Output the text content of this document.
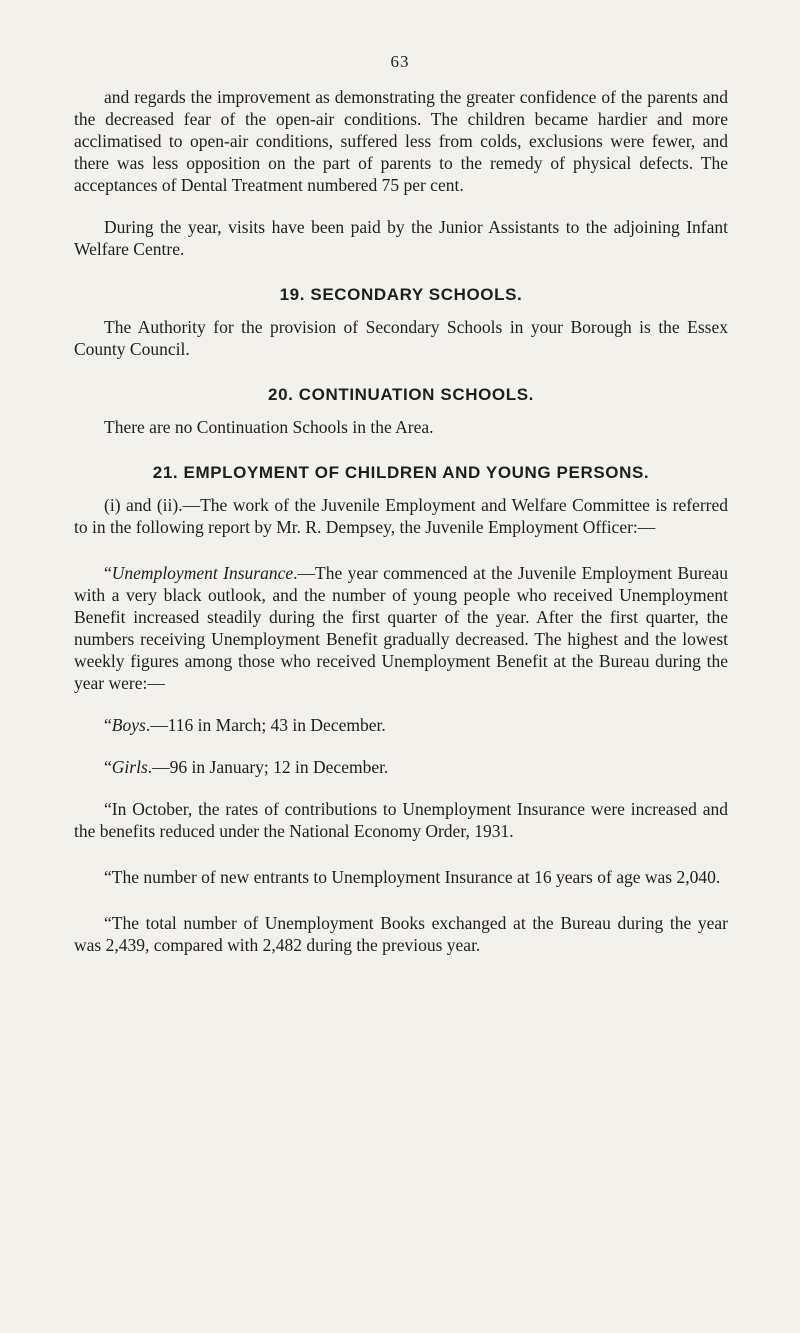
63

and regards the improvement as demonstrating the greater confidence of the parents and the decreased fear of the open-air conditions. The children became hardier and more acclimatised to open-air conditions, suffered less from colds, exclusions were fewer, and there was less opposition on the part of parents to the remedy of physical defects. The acceptances of Dental Treatment numbered 75 per cent.

During the year, visits have been paid by the Junior Assistants to the adjoining Infant Welfare Centre.

19. SECONDARY SCHOOLS.

The Authority for the provision of Secondary Schools in your Borough is the Essex County Council.

20. CONTINUATION SCHOOLS.

There are no Continuation Schools in the Area.

21. EMPLOYMENT OF CHILDREN AND YOUNG PERSONS.

(i) and (ii).—The work of the Juvenile Employment and Welfare Committee is referred to in the following report by Mr. R. Dempsey, the Juvenile Employment Officer:—

“Unemployment Insurance.—The year commenced at the Juvenile Employment Bureau with a very black outlook, and the number of young people who received Unemployment Benefit increased steadily during the first quarter of the year. After the first quarter, the numbers receiving Unemployment Benefit gradually decreased. The highest and the lowest weekly figures among those who received Unemployment Benefit at the Bureau during the year were:—

“Boys.—116 in March; 43 in December.

“Girls.—96 in January; 12 in December.

“In October, the rates of contributions to Unemployment Insurance were increased and the benefits reduced under the National Economy Order, 1931.

“The number of new entrants to Unemployment Insurance at 16 years of age was 2,040.

“The total number of Unemployment Books exchanged at the Bureau during the year was 2,439, compared with 2,482 during the previous year.
